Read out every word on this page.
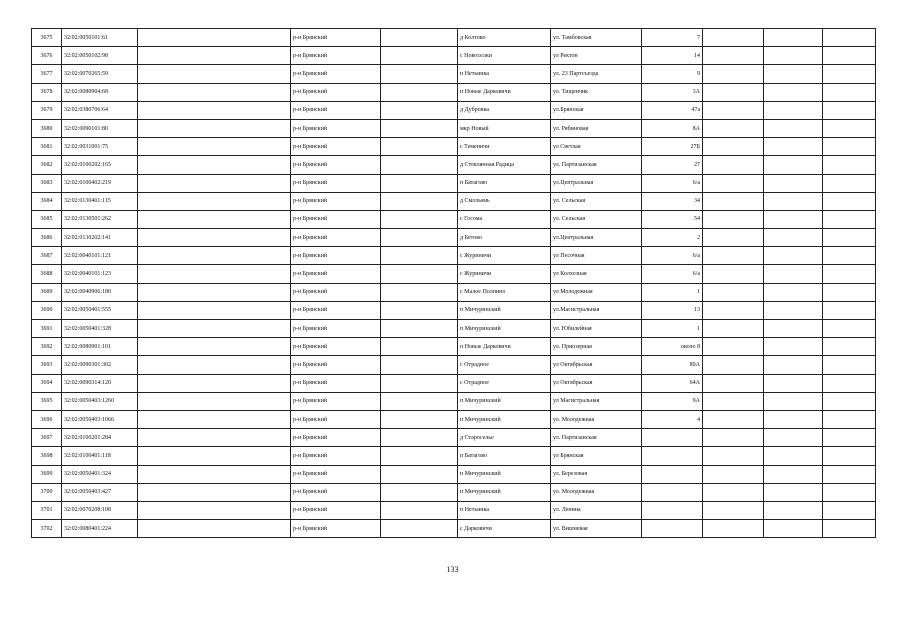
3675	32:02:0050101:61		р-н Брянский		д Колтово	ул. Тамбовская	7			
3676	32:02:0050102:98		р-н Брянский		с Новоселки	ул Ректон	14			
3677	32:02:0070265:59		р-н Брянский		п Нетьинка	ул. 23 Партсъезда	9			
3678	32:02:0080904:68		р-н Брянский		п Новые Дарковичи	ул. Тищенчик	3А			
3679	32:02:0380706:64		р-н Брянский		д Дубровка	ул.Брянская	47а			
3680	32:02:0090101:80		р-н Брянский		мкр Новый	ул. Рябиновая	8А			
3681	32:02:0031001:75		р-н Брянский		с Теменичи	ул Светлая	27Б			
3682	32:02:0100202:165		р-н Брянский		д Стеклянная Радица	ул. Партизанская	27			
3683	32:02:0100402:219		р-н Брянский		п Батагово	ул.Центральная	6/а			
3684	32:02:0130401:115		р-н Брянский		д Смольянь	ул. Сельская	34			
3685	32:02:0130501:262		р-н Брянский		с Госома	ул. Сельская	54			
3686	32:02:0130202:141		р-н Брянский		д Бетово	ул.Центральная	2			
3687	32:02:0040101:121		р-н Брянский		с Журиничи	ул Песочная	6/а			
3688	32:02:0040101:123		р-н Брянский		с Журиничи	ул Колхозная	6/а			
3689	32:02:0040906:180		р-н Брянский		с Малое Полпино	ул Молодежная	1			
3690	32:02:0050401:555		р-н Брянский		п Мичуринский	ул.Магистральная	13			
3691	32:02:0050401:328		р-н Брянский		п Мичуринский	ул. Юбилейная	1			
3692	32:02:0080901:101		р-н Брянский		п Новые Дарковичи	ул. Приозерная	около 8			
3693	32:02:0090301:302		р-н Брянский		с Отрадное	ул Октябрьская	89А			
3694	32:02:0090314:120		р-н Брянский		с Отрадное	ул Октябрьская	64А			
3695	32:02:0050403:1260		р-н Брянский		п Мичуринский	ул Магистральная	9А			
3696	32:02:0050403:1066		р-н Брянский		п Мичуринский	ул. Молодежная	4			
3697	32:02:0100201:284		р-н Брянский		д Староселье	ул. Партизанская				
3698	32:02:0100401:118		р-н Брянский		п Батагово	ул Брянская				
3699	32:02:0050401:324		р-н Брянский		п Мичуринский	ул. Березовая				
3700	32:02:0050403:427		р-н Брянский		п Мичуринский	ул. Молодежная				
3701	32:02:0070208:108		р-н Брянский		п Нетьинка	ул. Ленина				
3702	32:02:0080401:224		р-н Брянский		с Дарковичи	ул. Вишневая				
133
